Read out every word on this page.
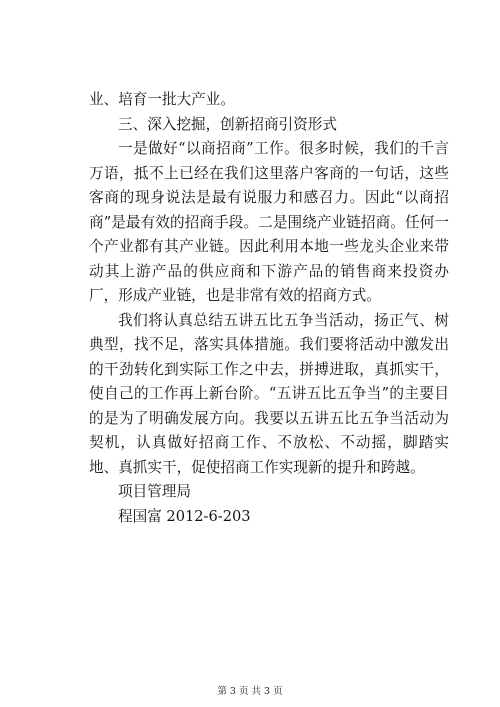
业、培育一批大产业。

三、深入挖掘，创新招商引资形式

一是做好“以商招商”工作。很多时候，我们的千言万语，抵不上已经在我们这里落户客商的一句话，这些客商的现身说法是最有说服力和感召力。因此“以商招商”是最有效的招商手段。二是围绕产业链招商。任何一个产业都有其产业链。因此利用本地一些龙头企业来带动其上游产品的供应商和下游产品的销售商来投资办厂，形成产业链，也是非常有效的招商方式。

我们将认真总结五讲五比五争当活动，扬正气、树典型，找不足，落实具体措施。我们要将活动中激发出的干劲转化到实际工作之中去，拼搏进取，真抓实干，使自己的工作再上新台阶。“五讲五比五争当”的主要目的是为了明确发展方向。我要以五讲五比五争当活动为契机，认真做好招商工作、不放松、不动摇，脚踏实地、真抓实干，促使招商工作实现新的提升和跨越。

项目管理局

程国富 2012-6-203

第 3 页 共 3 页
